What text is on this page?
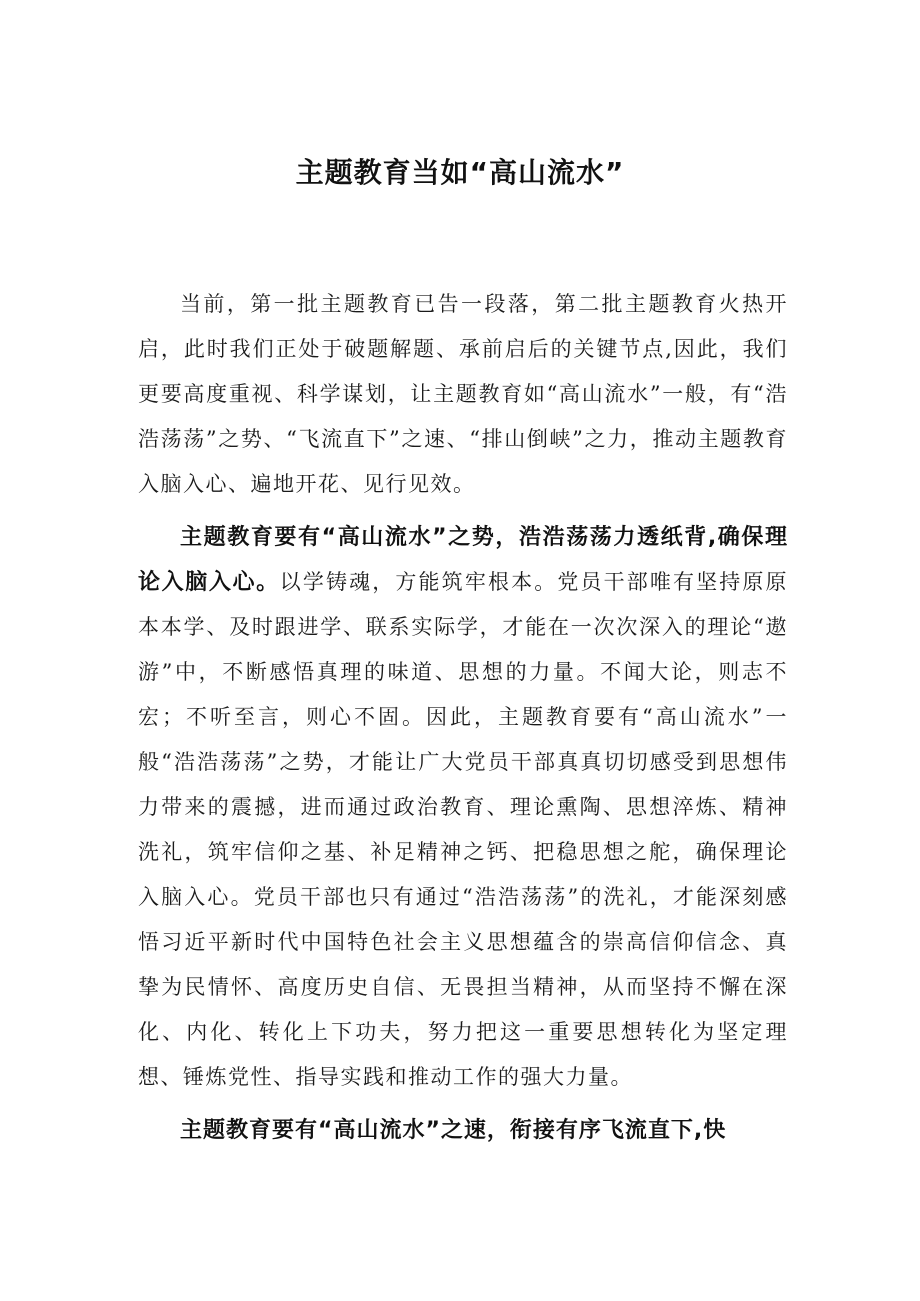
主题教育当如“高山流水”

当前，第一批主题教育已告一段落，第二批主题教育火热开启，此时我们正处于破题解题、承前启后的关键节点,因此，我们更要高度重视、科学谋划，让主题教育如“高山流水”一般，有“浩浩荡荡”之势、“飞流直下”之速、“排山倒峡”之力，推动主题教育入脑入心、遍地开花、见行见效。

主题教育要有“高山流水”之势，浩浩荡荡力透纸背,确保理论入脑入心。以学铸魂，方能筑牢根本。党员干部唯有坚持原原本本学、及时跟进学、联系实际学，才能在一次次深入的理论“遨游”中，不断感悟真理的味道、思想的力量。不闻大论，则志不宏；不听至言，则心不固。因此，主题教育要有“高山流水”一般“浩浩荡荡”之势，才能让广大党员干部真真切切感受到思想伟力带来的震撼，进而通过政治教育、理论熏陶、思想淬炼、精神洗礼，筑牢信仰之基、补足精神之钙、把稳思想之舵，确保理论入脑入心。党员干部也只有通过“浩浩荡荡”的洗礼，才能深刻感悟习近平新时代中国特色社会主义思想蕴含的崇高信仰信念、真挚为民情怀、高度历史自信、无畏担当精神，从而坚持不懈在深化、内化、转化上下功夫，努力把这一重要思想转化为坚定理想、锤炼党性、指导实践和推动工作的强大力量。

主题教育要有“高山流水”之速，衔接有序飞流直下,快
